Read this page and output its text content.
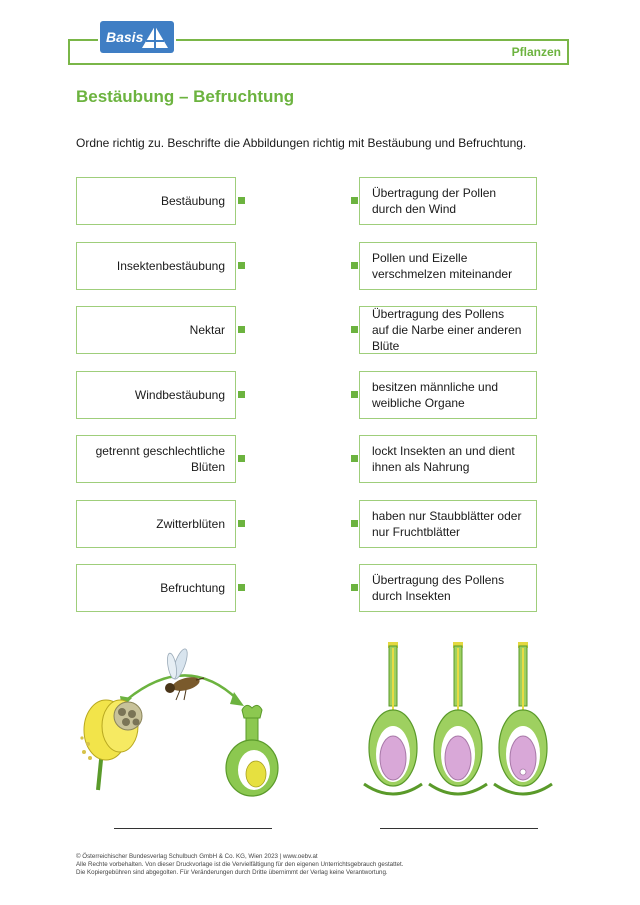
Pflanzen
Basis
Bestäubung – Befruchtung
Ordne richtig zu. Beschrifte die Abbildungen richtig mit Bestäubung und Befruchtung.
Bestäubung
Insektenbestäubung
Nektar
Windbestäubung
getrennt geschlechtliche Blüten
Zwitterblüten
Befruchtung
Übertragung der Pollen durch den Wind
Pollen und Eizelle verschmelzen miteinander
Übertragung des Pollens auf die Narbe einer anderen Blüte
besitzen männliche und weibliche Organe
lockt Insekten an und dient ihnen als Nahrung
haben nur Staubblätter oder nur Fruchtblätter
Übertragung des Pollens durch Insekten
© Österreichischer Bundesverlag Schulbuch GmbH & Co. KG, Wien 2023 | www.oebv.at
Alle Rechte vorbehalten. Von dieser Druckvorlage ist die Vervielfältigung für den eigenen Unterrichtsgebrauch gestattet.
Die Kopiergebühren sind abgegolten. Für Veränderungen durch Dritte übernimmt der Verlag keine Verantwortung.
